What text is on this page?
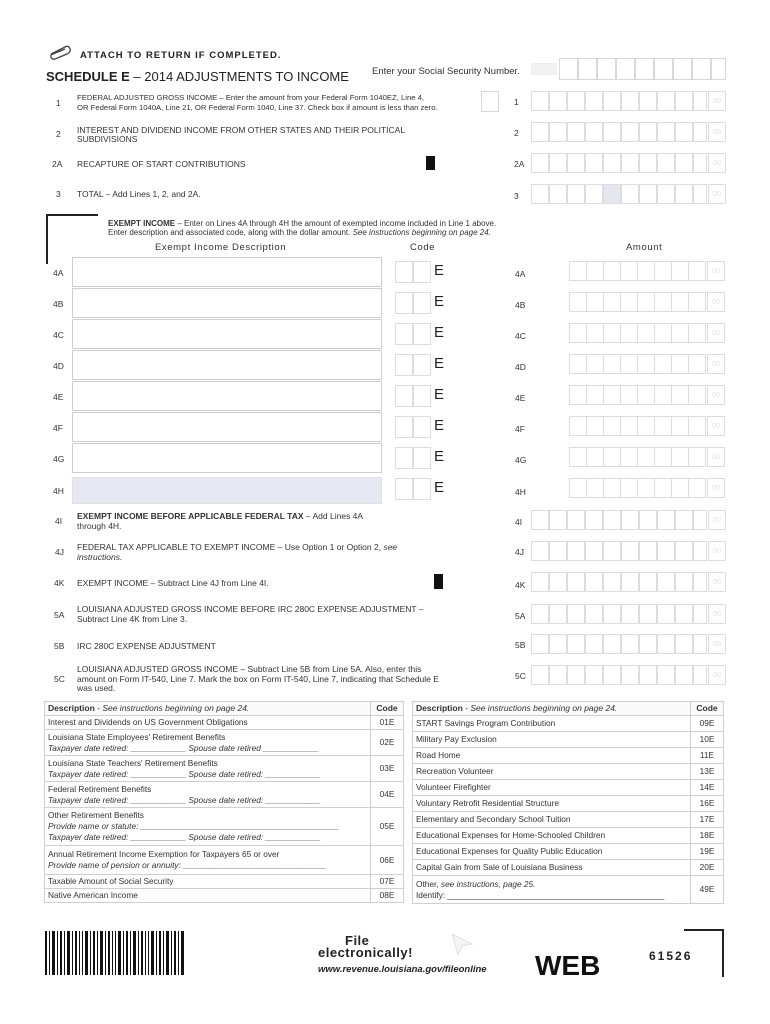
ATTACH TO RETURN IF COMPLETED.
SCHEDULE E – 2014 ADJUSTMENTS TO INCOME Enter your Social Security Number.
1
FEDERAL ADJUSTED GROSS INCOME – Enter the amount from your Federal Form 1040EZ, Line 4,
OR Federal Form 1040A, Line 21, OR Federal Form 1040, Line 37. Check box if amount is less than zero.
1	00
2 INTEREST AND DIVIDEND INCOME FROM OTHER STATES AND THEIR POLITICAL
SUBDIVISIONS
2	00
2A RECAPTURE OF START CONTRIBUTIONS	2A	00
3 TOTAL – Add Lines 1, 2, and 2A.	3	00
EXEMPT INCOME – Enter on Lines 4A through 4H the amount of exempted income included in Line 1 above.
Enter description and associated code, along with the dollar amount. See instructions beginning on page 24.
Exempt Income Description	Code	Amount
4A	E	4A	00
4B	E	4B	00
4C	E	4C	00
4D	E	4D	00
4E	E	4E	00
4F	E	4F	00
4G	E	4G	00
4H	E	4H	00
4I EXEMPT INCOME BEFORE APPLICABLE FEDERAL TAX – Add Lines 4A
through 4H.	4I	00
4J FEDERAL TAX APPLICABLE TO EXEMPT INCOME – Use Option 1 or Option 2, see
instructions.	4J	00
4K EXEMPT INCOME – Subtract Line 4J from Line 4I.	4K	00
5A
LOUISIANA ADJUSTED GROSS INCOME BEFORE IRC 280C EXPENSE ADJUSTMENT –
Subtract Line 4K from Line 3.	5A	00
5B IRC 280C EXPENSE ADJUSTMENT	5B	00
5C
LOUISIANA ADJUSTED GROSS INCOME – Subtract Line 5B from Line 5A. Also, enter this
amount on Form IT-540, Line 7. Mark the box on Form IT-540, Line 7, indicating that Schedule E
was used.
5C	00
Description - See instructions beginning on page 24.	Code
Interest and Dividends on US Government Obligations	01E
Louisiana State Employees' Retirement Benefits
Taxpayer date retired: ____________ Spouse date retired ____________	02E
Louisiana State Teachers' Retirement Benefits
Taxpayer date retired: ____________ Spouse date retired: ____________	03E
Federal Retirement Benefits
Taxpayer date retired: ____________ Spouse date retired: ____________	04E
Other Retirement Benefits
Provide name or statute: ___________________________________________
Taxpayer date retired: ____________ Spouse date retired: ____________	05E
Annual Retirement Income Exemption for Taxpayers 65 or over
Provide name of pension or annuity: _______________________________	06E
Taxable Amount of Social Security	07E
Native American Income	08E
Description - See instructions beginning on page 24.	Code
START Savings Program Contribution	09E
Military Pay Exclusion	10E
Road Home	11E
Recreation Volunteer	13E
Volunteer Firefighter	14E
Voluntary Retrofit Residential Structure	16E
Elementary and Secondary School Tuition	17E
Educational Expenses for Home-Schooled Children	18E
Educational Expenses for Quality Public Education	19E
Capital Gain from Sale of Louisiana Business	20E
Other, see instructions, page 25.
Identify: _______________________________________________	49E
File
electronically!
www.revenue.louisiana.gov/fileonline WEB	61526
